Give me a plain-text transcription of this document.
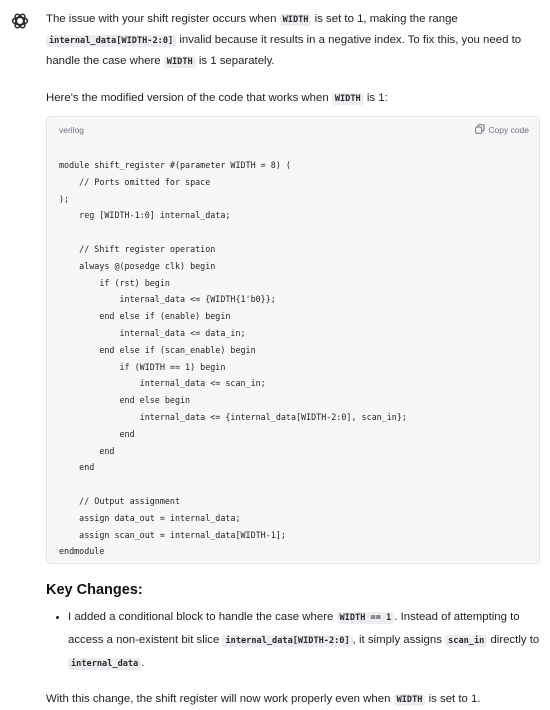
The issue with your shift register occurs when WIDTH is set to 1, making the range internal_data[WIDTH-2:0] invalid because it results in a negative index. To fix this, you need to handle the case where WIDTH is 1 separately.

Here's the modified version of the code that works when WIDTH is 1:

verilog	Copy code
module shift_register #(parameter WIDTH = 8) (
// Ports omitted for space
);
reg [WIDTH-1:0] internal_data;

// Shift register operation
always @(posedge clk) begin
if (rst) begin
internal_data <= {WIDTH{1'b0}};
end else if (enable) begin
internal_data <= data_in;
end else if (scan_enable) begin
if (WIDTH == 1) begin
internal_data <= scan_in;
end else begin
internal_data <= {internal_data[WIDTH-2:0], scan_in};
end
end
end

// Output assignment
assign data_out = internal_data;
assign scan_out = internal_data[WIDTH-1];
endmodule
Key Changes:
• I added a conditional block to handle the case where WIDTH == 1 . Instead of attempting to access a non-existent bit slice internal_data[WIDTH-2:0] , it simply assigns scan_in directly to internal_data .

With this change, the shift register will now work properly even when WIDTH is set to 1.
